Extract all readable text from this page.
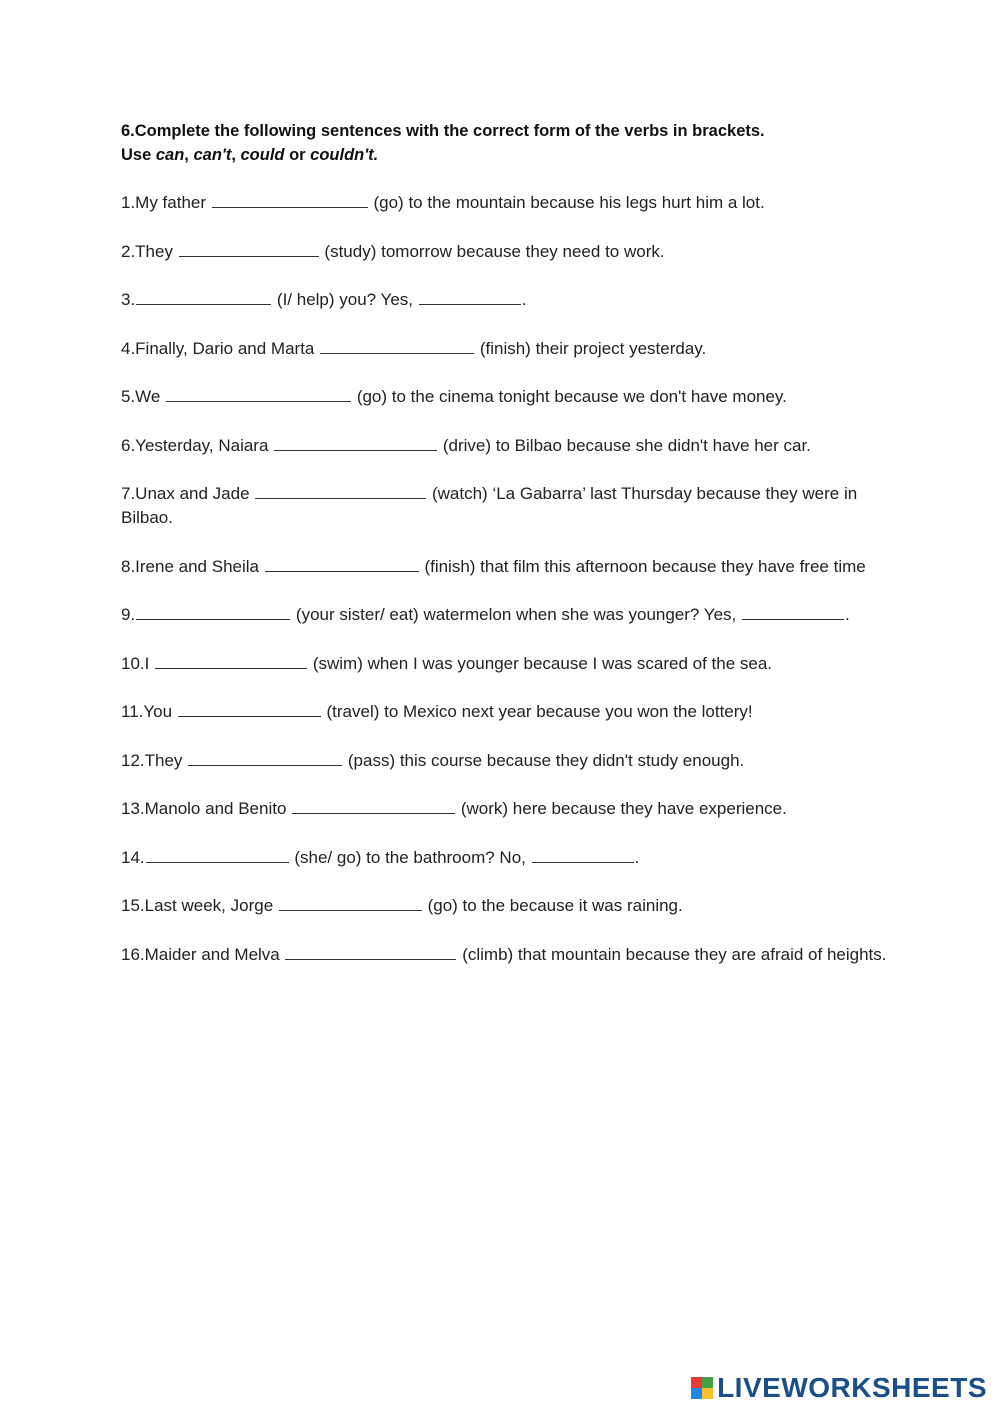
6.Complete the following sentences with the correct form of the verbs in brackets.
Use can, can't, could or couldn't.
1.My father	(go) to the mountain because his legs hurt him a lot.
2.They	(study) tomorrow because they need to work.
3.	(I/ help) you? Yes,	.
4.Finally, Dario and Marta	(finish) their project yesterday.
5.We	(go) to the cinema tonight because we don't have money.
6.Yesterday, Naiara	(drive) to Bilbao because she didn't have her car.
7.Unax and Jade	(watch) ‘La Gabarra’ last Thursday because they were in Bilbao.
8.Irene and Sheila	(finish) that film this afternoon because they have free time
9.	(your sister/ eat) watermelon when she was younger? Yes,	.
10.I	(swim) when I was younger because I was scared of the sea.
11.You	(travel) to Mexico next year because you won the lottery!
12.They	(pass) this course because they didn't study enough.
13.Manolo and Benito	(work) here because they have experience.
14.	(she/ go) to the bathroom? No,	.
15.Last week, Jorge	(go) to the because it was raining.
16.Maider and Melva	(climb) that mountain because they are afraid of heights.
LIVEWORKSHEETS
